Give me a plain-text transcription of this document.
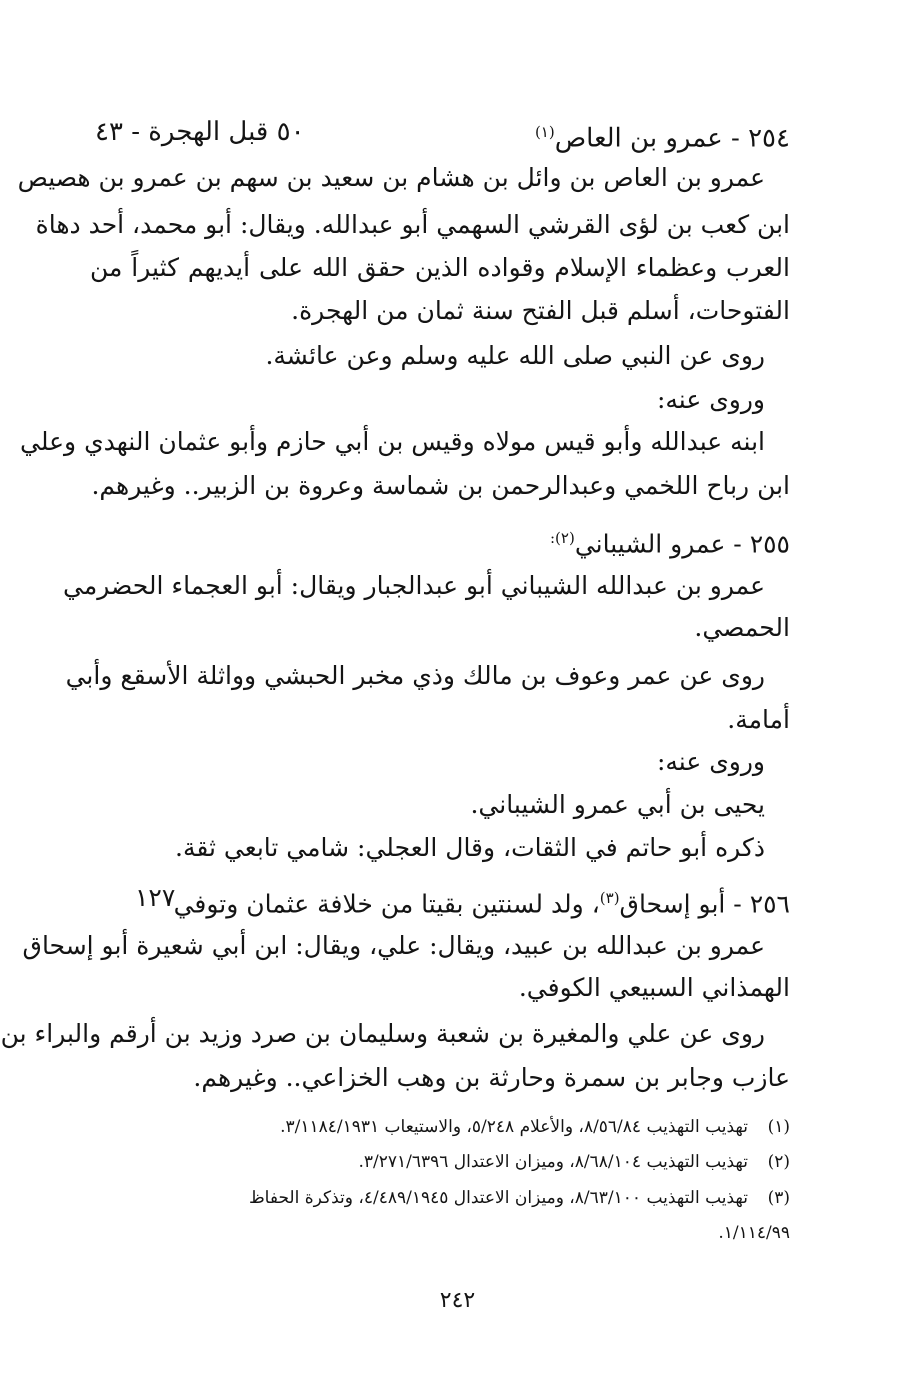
٢٥٤ - عمرو بن العاص$^{(١)}$
٥٠ قبل الهجرة - ٤٣
عمرو بن العاص بن وائل بن هشام بن سعيد بن سهم بن عمرو بن هصيص
ابن كعب بن لؤى القرشي السهمي أبو عبدالله. ويقال: أبو محمد، أحد دهاة
العرب وعظماء الإسلام وقواده الذين حقق الله على أيديهم كثيراً من
الفتوحات، أسلم قبل الفتح سنة ثمان من الهجرة.
روى عن النبي صلى الله عليه وسلم وعن عائشة.
وروى عنه:
ابنه عبدالله وأبو قيس مولاه وقيس بن أبي حازم وأبو عثمان النهدي وعلي
ابن رباح اللخمي وعبدالرحمن بن شماسة وعروة بن الزبير.. وغيرهم.
٢٥٥ - عمرو الشيباني$^{(٢):}$
عمرو بن عبدالله الشيباني أبو عبدالجبار ويقال: أبو العجماء الحضرمي
الحمصي.
روى عن عمر وعوف بن مالك وذي مخبر الحبشي وواثلة الأسقع وأبي
أمامة.
وروى عنه:
يحيى بن أبي عمرو الشيباني.
ذكره أبو حاتم في الثقات، وقال العجلي: شامي تابعي ثقة.
٢٥٦ - أبو إسحاق$^{(٣)}$، ولد لسنتين بقيتا من خلافة عثمان وتوفي
١٢٧
عمرو بن عبدالله بن عبيد، ويقال: علي، ويقال: ابن أبي شعيرة أبو إسحاق
الهمذاني السبيعي الكوفي.
روى عن علي والمغيرة بن شعبة وسليمان بن صرد وزيد بن أرقم والبراء بن
عازب وجابر بن سمرة وحارثة بن وهب الخزاعي.. وغيرهم.
(١)تهذيب التهذيب ٨/٥٦/٨٤، والأعلام ٥/٢٤٨، والاستيعاب ٣/١١٨٤/١٩٣١.
(٢)تهذيب التهذيب ٨/٦٨/١٠٤، وميزان الاعتدال ٣/٢٧١/٦٣٩٦.
(٣)تهذيب التهذيب ٨/٦٣/١٠٠، وميزان الاعتدال ٤/٤٨٩/١٩٤٥، وتذكرة الحفاظ
١/١١٤/٩٩.
٢٤٢
